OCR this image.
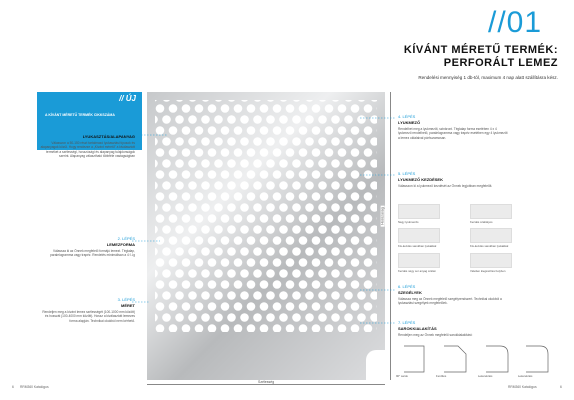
//01
KÍVÁNT MÉRETŰ TERMÉK:
PERFORÁLT LEMEZ
Rendelési mennyiség 1 db-tól, maximum 4 nap alatt szállításra kész.
// ÚJ
A KÍVÁNT MÉRETŰ TERMÉK CIKKSZÁMA
1. LÉPÉS
LYUKASZTÁS/ALAPANYAG
Válasszon a 50-150 részt tartalmazó lyukasztási típusok és alapanyagok közül. Hogy rendezze a „Kívánt méretű” a kiválasztott terméket a szélességi, hosszúsági és alapanyag tulajdonságok szerint. Alapanyag választható többféle vastagságban
2. LÉPÉS
LEMEZFORMA
Válassza ki az Önnek megfelelő formájú lemezt. Téglalap, paralelogramma vagy trapéz. Rendelés minimálisan a 4 f.-ig
3. LÉPÉS
MÉRET
Rendeljen meg a kívánt lemez szélességét (100-1000 mm között) és hosszát (100-4000 mm között). Hossz a kiválasztott lemezes forma alapján. Technikai okokból nem kérhető.
Szélesség
Hosszúság
4. LÉPÉS
LYUKMEZŐ
Rendelhet meg a lyukmezőt, szinkront. Téglalap forma esetében 4 x 4 lyukmező rendelhető, paralelogramma vagy trapéz esetében egy 4 lyukmezőt a lemez oldalaival párhuzamosan.
5. LÉPÉS
LYUKMEZŐ KEZDÉSEK
Válasszon ki a lyukmező kezdését az Önnek legjobban megfelelőt.
Négy lyukmezős	Kezdés szabályos
Kis-kezdés sarokban lyukakkal	Kis-kezdés sarokban lyukakkal
Kezdés négy sor anyag szélén	Véletlen kiegészítés helyben
6. LÉPÉS
SZEGÉLYEK
Válassza meg az Önnek megfelelő szegélyrendszert. Technikai okokból a lyukasztási szegélyek megfelelőek.
7. LÉPÉS
SAROKKIALAKÍTÁS
Rendeljen meg az Önnek megfelelő sarokkialakítást:
90° sarok	Ferdítés	Lekerekítés	Lekerekítés
6 RRM360 Katalógus	RRM360 Katalógus	6
